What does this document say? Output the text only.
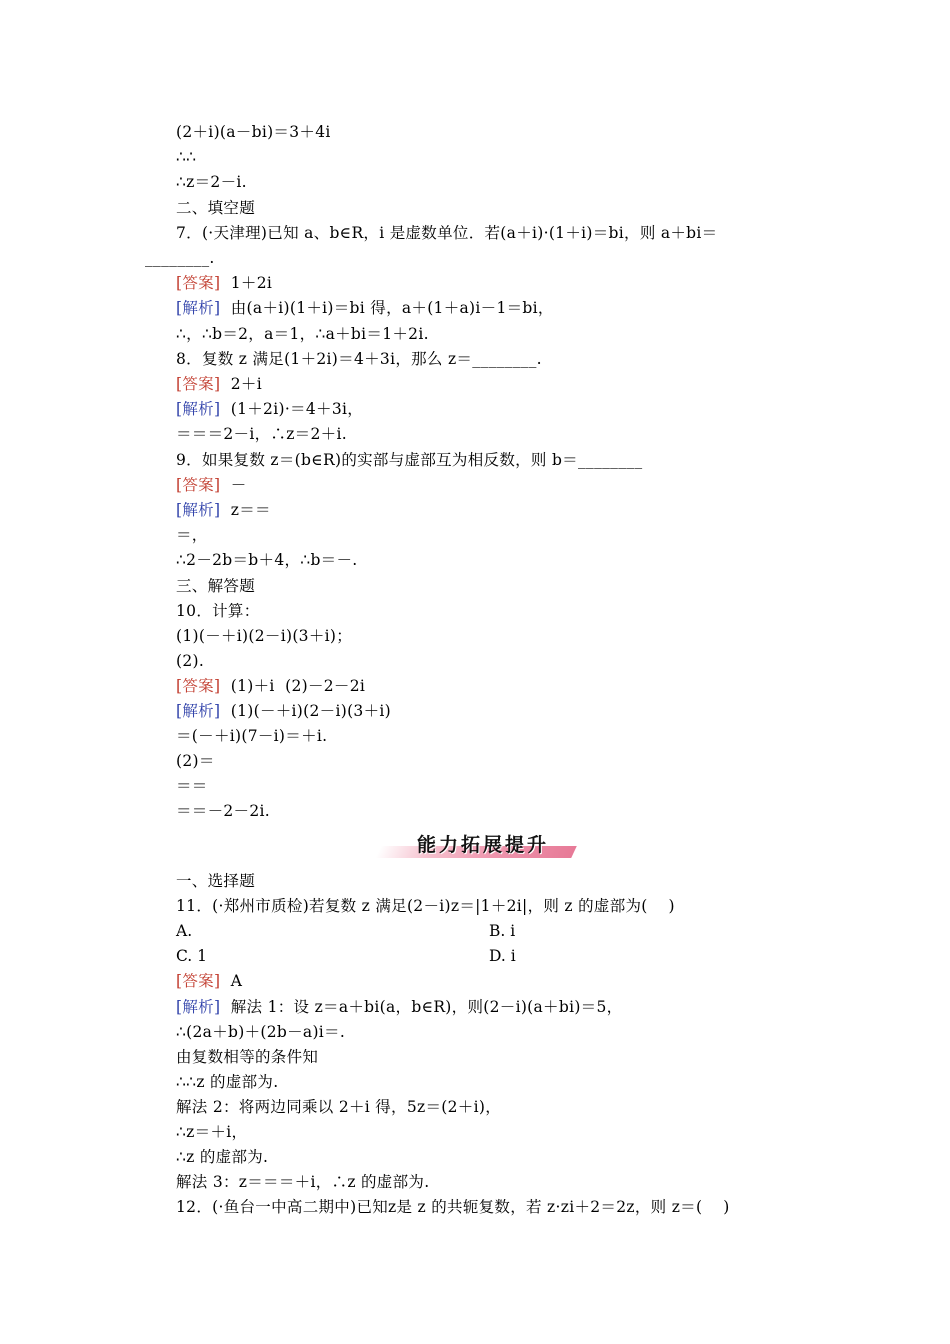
(2＋i)(a－bi)＝3＋4i
∴∴
∴z＝2－i.
二、填空题
7．(·天津理)已知 a、b∈R，i 是虚数单位．若(a＋i)·(1＋i)＝bi，则 a＋bi＝
________.
[答案]  1＋2i
[解析]  由(a＋i)(1＋i)＝bi 得，a＋(1＋a)i－1＝bi，
∴，∴b＝2，a＝1，∴a＋bi＝1＋2i.
8．复数 z 满足(1＋2i)＝4＋3i，那么 z＝________.
[答案]  2＋i
[解析]  (1＋2i)·＝4＋3i，
＝＝＝2－i，∴z＝2＋i.
9．如果复数 z＝(b∈R)的实部与虚部互为相反数，则 b＝________
[答案]  －
[解析]  z＝＝
＝，
∴2－2b＝b＋4，∴b＝－.
三、解答题
10．计算：
(1)(－＋i)(2－i)(3＋i)；
(2).
[答案]  (1)＋i  (2)－2－2i
[解析]  (1)(－＋i)(2－i)(3＋i)
＝(－＋i)(7－i)＝＋i.
(2)＝
＝＝
＝＝－2－2i.
能力拓展提升
一、选择题
11．(·郑州市质检)若复数 z 满足(2－i)z＝|1＋2i|，则 z 的虚部为(    )
A.	B. i
C. 1	D. i
[答案]  A
[解析]  解法 1：设 z＝a＋bi(a，b∈R)，则(2－i)(a＋bi)＝5，
∴(2a＋b)＋(2b－a)i＝.
由复数相等的条件知
∴∴z 的虚部为.
解法 2：将两边同乘以 2＋i 得，5z＝(2＋i)，
∴z＝＋i，
∴z 的虚部为.
解法 3：z＝＝＝＋i，∴z 的虚部为.
12．(·鱼台一中高二期中)已知z是 z 的共轭复数，若 z·zi＋2＝2z，则 z＝(    )
